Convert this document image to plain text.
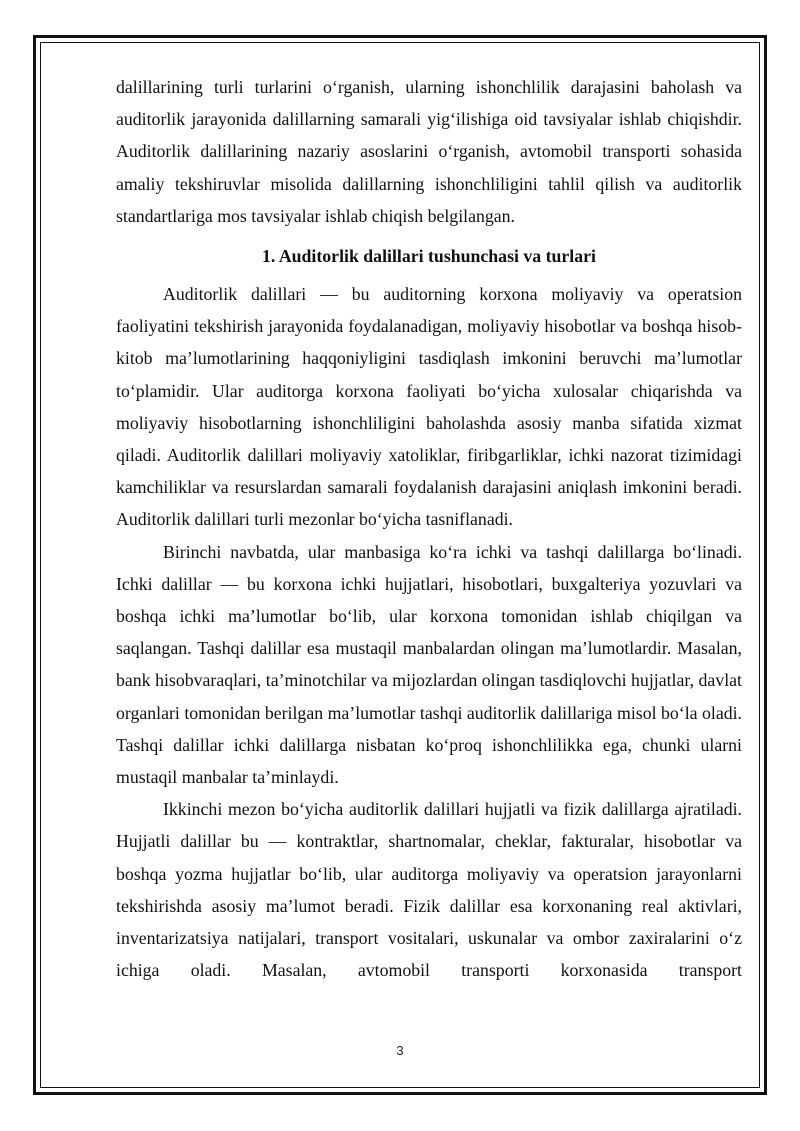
dalillarining turli turlarini o‘rganish, ularning ishonchlilik darajasini baholash va auditorlik jarayonida dalillarning samarali yig‘ilishiga oid tavsiyalar ishlab chiqishdir. Auditorlik dalillarining nazariy asoslarini o‘rganish, avtomobil transporti sohasida amaliy tekshiruvlar misolida dalillarning ishonchliligini tahlil qilish va auditorlik standartlariga mos tavsiyalar ishlab chiqish belgilangan.

1. Auditorlik dalillari tushunchasi va turlari

Auditorlik dalillari — bu auditorning korxona moliyaviy va operatsion faoliyatini tekshirish jarayonida foydalanadigan, moliyaviy hisobotlar va boshqa hisob-kitob ma’lumotlarining haqqoniyligini tasdiqlash imkonini beruvchi ma’lumotlar to‘plamidir. Ular auditorga korxona faoliyati bo‘yicha xulosalar chiqarishda va moliyaviy hisobotlarning ishonchliligini baholashda asosiy manba sifatida xizmat qiladi. Auditorlik dalillari moliyaviy xatoliklar, firibgarliklar, ichki nazorat tizimidagi kamchiliklar va resurslardan samarali foydalanish darajasini aniqlash imkonini beradi. Auditorlik dalillari turli mezonlar bo‘yicha tasniflanadi.

Birinchi navbatda, ular manbasiga ko‘ra ichki va tashqi dalillarga bo‘linadi. Ichki dalillar — bu korxona ichki hujjatlari, hisobotlari, buxgalteriya yozuvlari va boshqa ichki ma’lumotlar bo‘lib, ular korxona tomonidan ishlab chiqilgan va saqlangan. Tashqi dalillar esa mustaqil manbalardan olingan ma’lumotlardir. Masalan, bank hisobvaraqlari, ta’minotchilar va mijozlardan olingan tasdiqlovchi hujjatlar, davlat organlari tomonidan berilgan ma’lumotlar tashqi auditorlik dalillariga misol bo‘la oladi. Tashqi dalillar ichki dalillarga nisbatan ko‘proq ishonchlilikka ega, chunki ularni mustaqil manbalar ta’minlaydi.

Ikkinchi mezon bo‘yicha auditorlik dalillari hujjatli va fizik dalillarga ajratiladi. Hujjatli dalillar bu — kontraktlar, shartnomalar, cheklar, fakturalar, hisobotlar va boshqa yozma hujjatlar bo‘lib, ular auditorga moliyaviy va operatsion jarayonlarni tekshirishda asosiy ma’lumot beradi. Fizik dalillar esa korxonaning real aktivlari, inventarizatsiya natijalari, transport vositalari, uskunalar va ombor zaxiralarini o‘z ichiga oladi. Masalan, avtomobil transporti korxonasida transport

3
